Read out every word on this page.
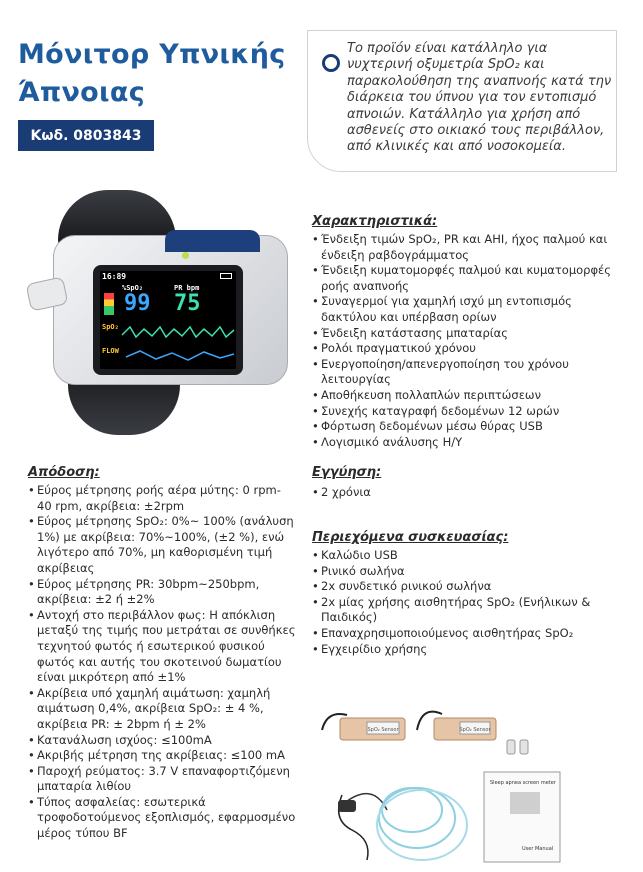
Μόνιτορ Υπνικής
Άπνοιας
Κωδ. 0803843
Το προϊόν είναι κατάλληλο για νυχτερινή οξυμετρία SpO₂ και παρακολούθηση της αναπνοής κατά την διάρκεια του ύπνου για τον εντοπισμό απνοιών. Κατάλληλο για χρήση από ασθενείς στο οικιακό τους περιβάλλον, από κλινικές και από νοσοκομεία.
16:89
%SpO₂	PR bpm
99 75
SpO₂
FLOW
Χαρακτηριστικά:
• Ένδειξη τιμών SpO₂, PR και AHI, ήχος παλμού και ένδειξη ραβδογράμματος
• Ένδειξη κυματομορφές παλμού και κυματομορφές ροής αναπνοής
• Συναγερμοί για χαμηλή ισχύ μη εντοπισμός δακτύλου και υπέρβαση ορίων
• Ένδειξη κατάστασης μπαταρίας
• Ρολόι πραγματικού χρόνου
• Ενεργοποίηση/απενεργοποίηση του χρόνου λειτουργίας
• Αποθήκευση πολλαπλών περιπτώσεων
• Συνεχής καταγραφή δεδομένων 12 ωρών
• Φόρτωση δεδομένων μέσω θύρας USB
• Λογισμικό ανάλυσης Η/Υ
Εγγύηση:
• 2 χρόνια
Περιεχόμενα συσκευασίας:
• Καλώδιο USB
• Ρινικό σωλήνα
• 2x συνδετικό ρινικού σωλήνα
• 2x μίας χρήσης αισθητήρας SpO₂ (Ενήλικων & Παιδικός)
• Επαναχρησιμοποιούμενος αισθητήρας SpO₂
• Εγχειρίδιο χρήσης
Απόδοση:
• Εύρος μέτρησης ροής αέρα μύτης: 0 rpm- 40 rpm, ακρίβεια: ±2rpm
• Εύρος μέτρησης SpO₂: 0%~ 100% (ανάλυση 1%) με ακρίβεια: 70%~100%, (±2 %), ενώ λιγότερο από 70%, μη καθορισμένη τιμή ακρίβειας
• Εύρος μέτρησης PR: 30bpm~250bpm, ακρίβεια: ±2 ή ±2%
• Αντοχή στο περιβάλλον φως: Η απόκλιση μεταξύ της τιμής που μετράται σε συνθήκες τεχνητού φωτός ή εσωτερικού φυσικού φωτός και αυτής του σκοτεινού δωματίου είναι μικρότερη από ±1%
• Ακρίβεια υπό χαμηλή αιμάτωση: χαμηλή αιμάτωση 0,4%, ακρίβεια SpO₂: ± 4 %, ακρίβεια PR: ± 2bpm ή ± 2%
• Κατανάλωση ισχύος: ≤100mA
• Ακριβής μέτρηση της ακρίβειας: ≤100 mA
• Παροχή ρεύματος: 3.7 V επαναφορτιζόμενη μπαταρία λιθίου
• Τύπος ασφαλείας: εσωτερικά τροφοδοτούμενος εξοπλισμός, εφαρμοσμένο μέρος τύπου BF
SpO₂ Sensor	SpO₂ Sensor
Sleep apnea screen meter
User Manual
